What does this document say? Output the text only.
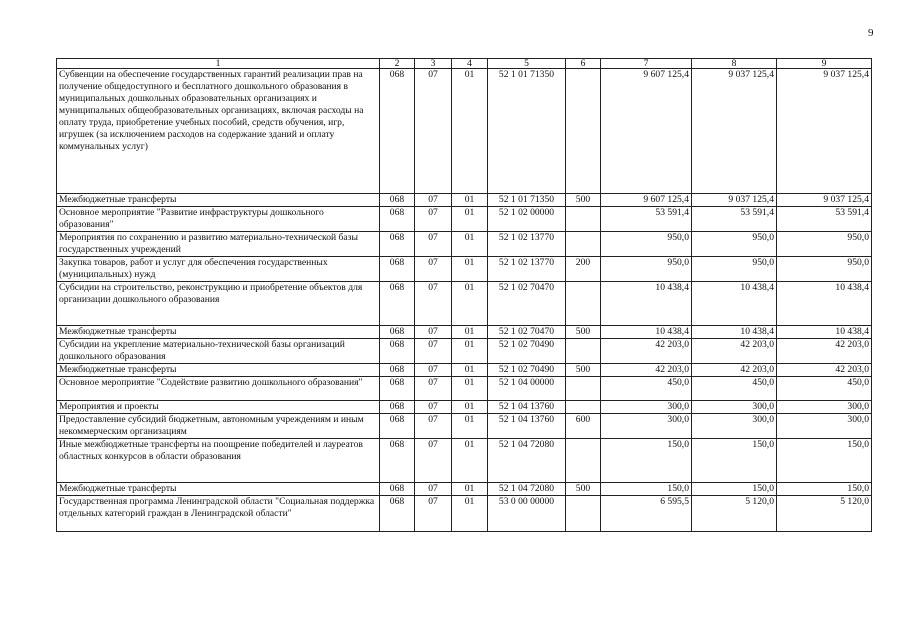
9
1	2	3	4	5	6	7	8	9
Субвенции на обеспечение государственных гарантий реализации прав на получение общедоступного и бесплатного дошкольного образования в муниципальных дошкольных образовательных организациях и муниципальных общеобразовательных организациях, включая расходы на оплату труда, приобретение учебных пособий, средств обучения, игр, игрушек (за исключением расходов на содержание зданий и оплату коммунальных услуг)	068	07	01	52 1 01 71350		9 607 125,4	9 037 125,4	9 037 125,4
Межбюджетные трансферты	068	07	01	52 1 01 71350	500	9 607 125,4	9 037 125,4	9 037 125,4
Основное мероприятие "Развитие инфраструктуры дошкольного образования"	068	07	01	52 1 02 00000		53 591,4	53 591,4	53 591,4
Мероприятия по сохранению и развитию материально-технической базы государственных учреждений	068	07	01	52 1 02 13770		950,0	950,0	950,0
Закупка товаров, работ и услуг для обеспечения государственных (муниципальных) нужд	068	07	01	52 1 02 13770	200	950,0	950,0	950,0
Субсидии на строительство, реконструкцию и приобретение объектов для организации дошкольного образования	068	07	01	52 1 02 70470		10 438,4	10 438,4	10 438,4
Межбюджетные трансферты	068	07	01	52 1 02 70470	500	10 438,4	10 438,4	10 438,4
Субсидии на укрепление материально-технической базы организаций дошкольного образования	068	07	01	52 1 02 70490		42 203,0	42 203,0	42 203,0
Межбюджетные трансферты	068	07	01	52 1 02 70490	500	42 203,0	42 203,0	42 203,0
Основное мероприятие "Содействие развитию дошкольного образования"	068	07	01	52 1 04 00000		450,0	450,0	450,0
Мероприятия и проекты	068	07	01	52 1 04 13760		300,0	300,0	300,0
Предоставление субсидий бюджетным, автономным учреждениям и иным некоммерческим организациям	068	07	01	52 1 04 13760	600	300,0	300,0	300,0
Иные межбюджетные трансферты на поощрение победителей и лауреатов областных конкурсов в области образования	068	07	01	52 1 04 72080		150,0	150,0	150,0
Межбюджетные трансферты	068	07	01	52 1 04 72080	500	150,0	150,0	150,0
Государственная программа Ленинградской области "Социальная поддержка отдельных категорий граждан в Ленинградской области"	068	07	01	53 0 00 00000		6 595,5	5 120,0	5 120,0
